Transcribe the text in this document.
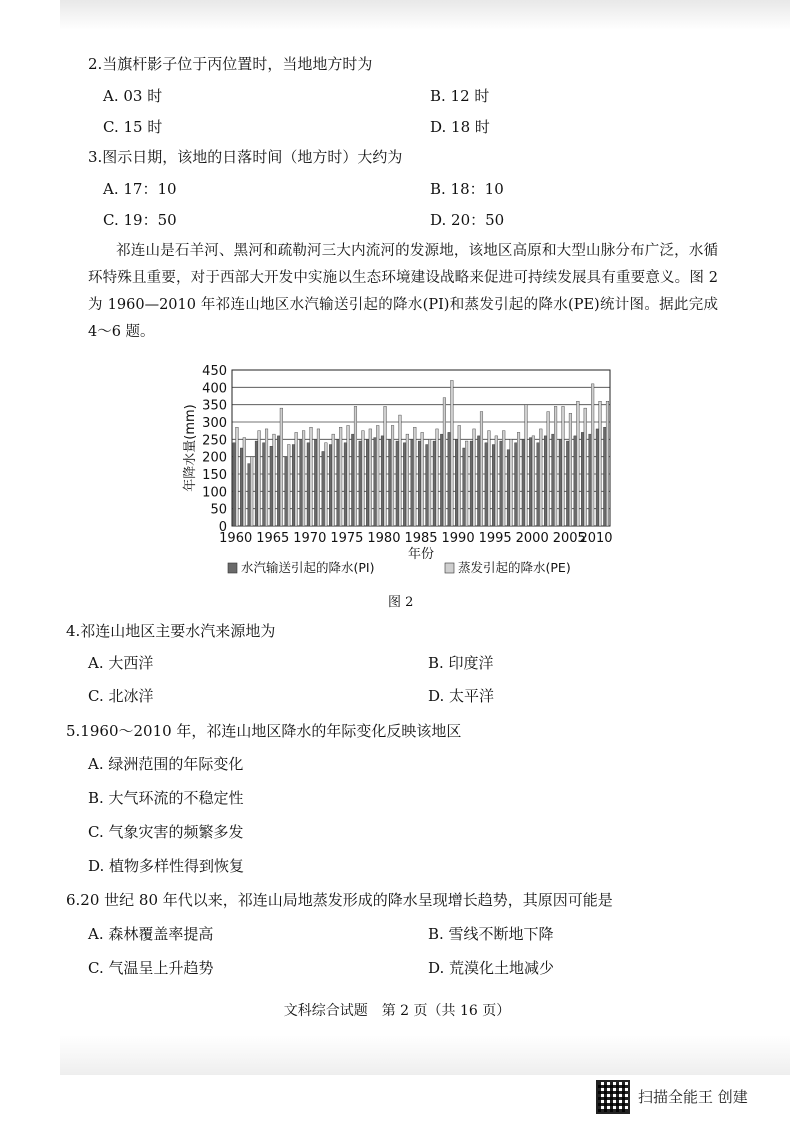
2.当旗杆影子位于丙位置时，当地地方时为
A. 03 时	B. 12 时
C. 15 时	D. 18 时
3.图示日期，该地的日落时间（地方时）大约为
A. 17：10	B. 18：10
C. 19：50	D. 20：50
祁连山是石羊河、黑河和疏勒河三大内流河的发源地，该地区高原和大型山脉分布广泛，水循环特殊且重要，对于西部大开发中实施以生态环境建设战略来促进可持续发展具有重要意义。图 2 为 1960—2010 年祁连山地区水汽输送引起的降水(PI)和蒸发引起的降水(PE)统计图。据此完成 4～6 题。
0
50
100
150
200
250
300
350
400
450
1960 1965 1970 1975 1980 1985 1990 1995 2000 2005
2010
年份
年降水量(mm)
水汽输送引起的降水(PI)	蒸发引起的降水(PE)
图 2
4.祁连山地区主要水汽来源地为
A. 大西洋	B. 印度洋
C. 北冰洋	D. 太平洋
5.1960～2010 年，祁连山地区降水的年际变化反映该地区
A. 绿洲范围的年际变化
B. 大气环流的不稳定性
C. 气象灾害的频繁多发
D. 植物多样性得到恢复
6.20 世纪 80 年代以来，祁连山局地蒸发形成的降水呈现增长趋势，其原因可能是
A. 森林覆盖率提高	B. 雪线不断地下降
C. 气温呈上升趋势	D. 荒漠化土地减少
文科综合试题　第 2 页（共 16 页）
扫描全能王 创建
